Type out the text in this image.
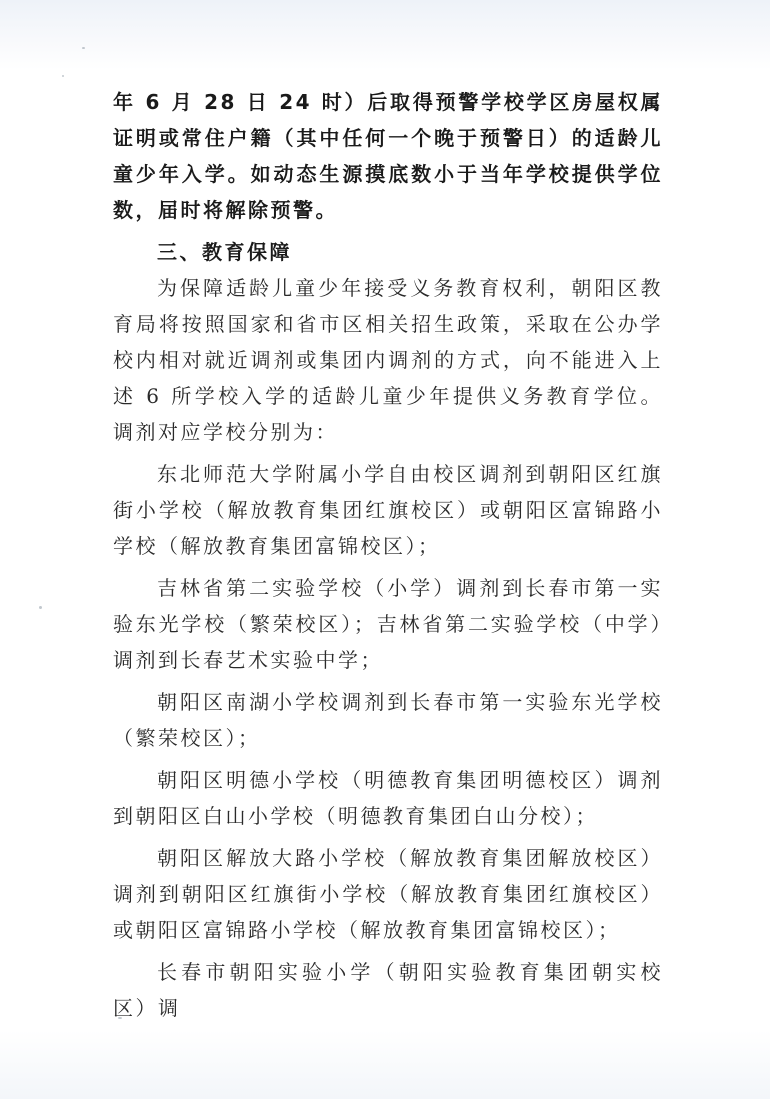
年 6 月 28 日 24 时）后取得预警学校学区房屋权属证明或常住户籍（其中任何一个晚于预警日）的适龄儿童少年入学。如动态生源摸底数小于当年学校提供学位数，届时将解除预警。

三、教育保障

为保障适龄儿童少年接受义务教育权利，朝阳区教育局将按照国家和省市区相关招生政策，采取在公办学校内相对就近调剂或集团内调剂的方式，向不能进入上述 6 所学校入学的适龄儿童少年提供义务教育学位。调剂对应学校分别为：

东北师范大学附属小学自由校区调剂到朝阳区红旗街小学校（解放教育集团红旗校区）或朝阳区富锦路小学校（解放教育集团富锦校区）；

吉林省第二实验学校（小学）调剂到长春市第一实验东光学校（繁荣校区）；吉林省第二实验学校（中学）调剂到长春艺术实验中学；

朝阳区南湖小学校调剂到长春市第一实验东光学校（繁荣校区）；

朝阳区明德小学校（明德教育集团明德校区）调剂到朝阳区白山小学校（明德教育集团白山分校）；

朝阳区解放大路小学校（解放教育集团解放校区）调剂到朝阳区红旗街小学校（解放教育集团红旗校区）或朝阳区富锦路小学校（解放教育集团富锦校区）；

长春市朝阳实验小学（朝阳实验教育集团朝实校区）调
